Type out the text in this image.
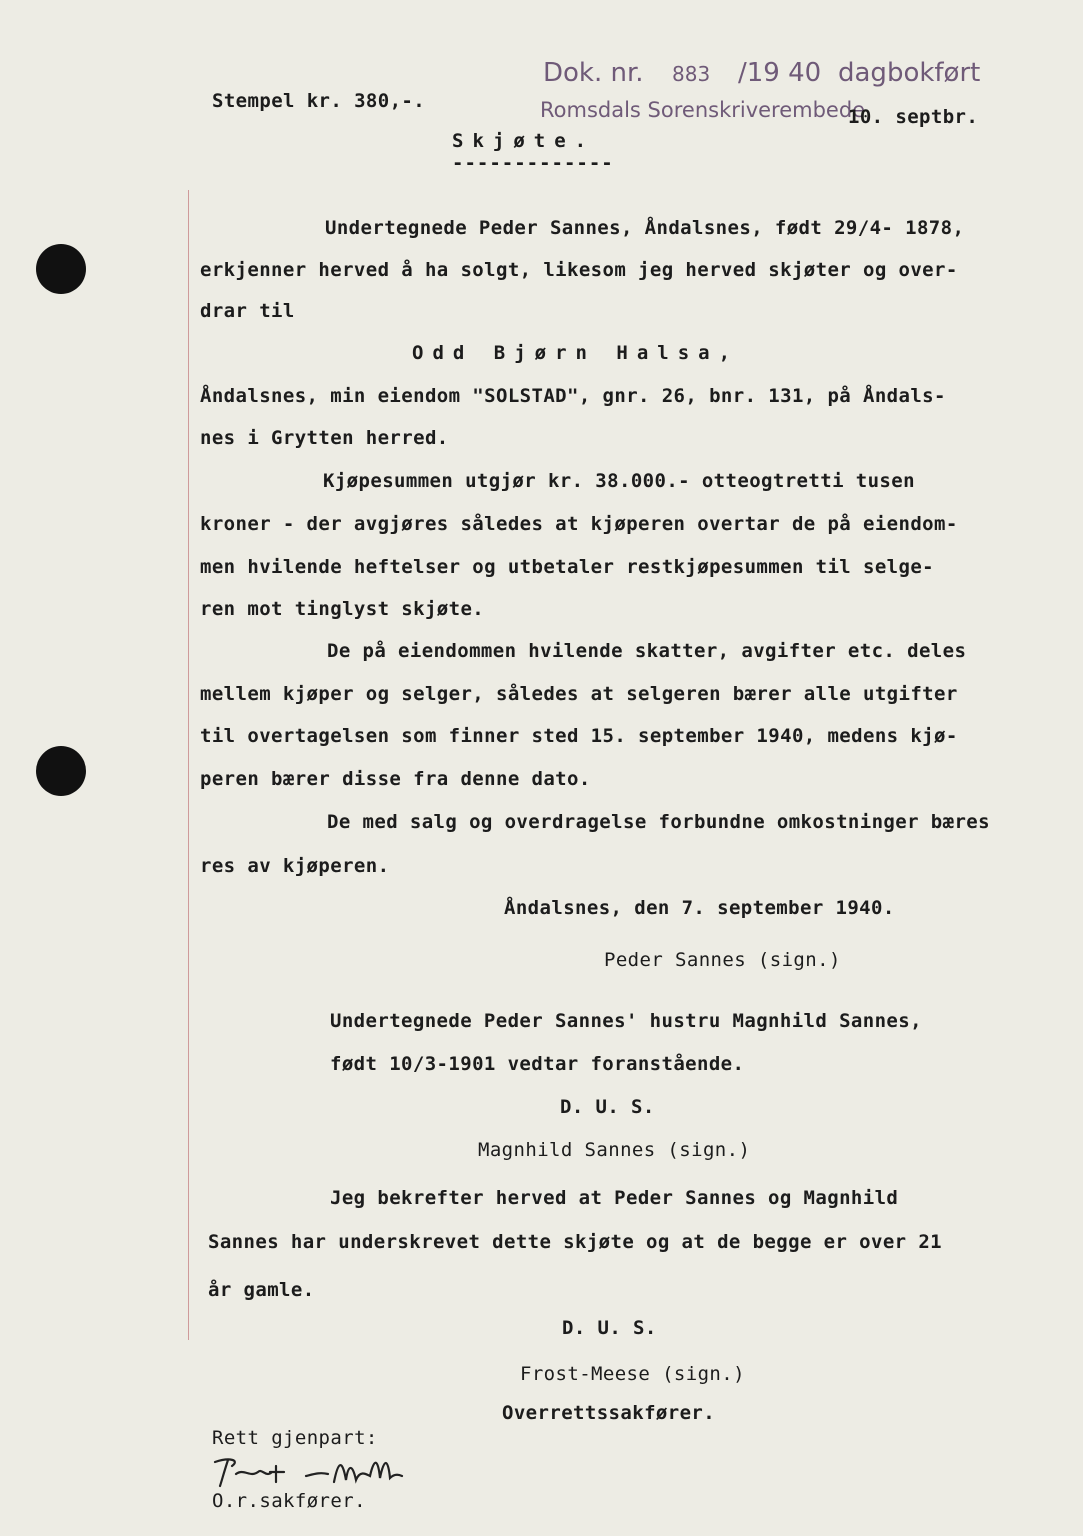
Stempel kr. 380,-.
Dok. nr. 883 /19 40 dagbokført
Romsdals Sorenskriverembede,
10. septbr.
Skjøte.
-------------
Undertegnede Peder Sannes, Åndalsnes, født 29/4- 1878,
erkjenner herved å ha solgt, likesom jeg herved skjøter og over-
drar til
Odd Bjørn Halsa,
Åndalsnes, min eiendom "SOLSTAD", gnr. 26, bnr. 131, på Åndals-
nes i Grytten herred.
Kjøpesummen utgjør kr. 38.000.- otteogtretti tusen
kroner - der avgjøres således at kjøperen overtar de på eiendom-
men hvilende heftelser og utbetaler restkjøpesummen til selge-
ren mot tinglyst skjøte.
De på eiendommen hvilende skatter, avgifter etc. deles
mellem kjøper og selger, således at selgeren bærer alle utgifter
til overtagelsen som finner sted 15. september 1940, medens kjø-
peren bærer disse fra denne dato.
De med salg og overdragelse forbundne omkostninger bæres
res av kjøperen.
Åndalsnes, den 7. september 1940.
Peder Sannes (sign.)
Undertegnede Peder Sannes' hustru Magnhild Sannes,
født 10/3-1901 vedtar foranstående.
D. U. S.
Magnhild Sannes (sign.)
Jeg bekrefter herved at Peder Sannes og Magnhild
Sannes har underskrevet dette skjøte og at de begge er over 21
år gamle.
D. U. S.
Frost-Meese (sign.)
Overrettssakfører.
Rett gjenpart:
O.r.sakfører.
